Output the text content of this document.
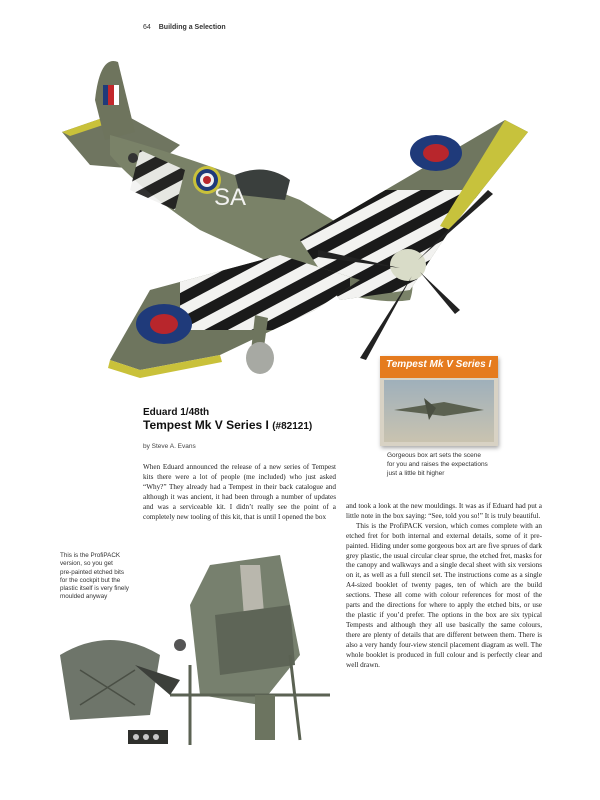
64 Building a Selection
SA
Tempest Mk V Series I
Gorgeous box art sets the scene
for you and raises the expectations
just a little bit higher
Eduard 1/48th
Tempest Mk V Series I (#82121)
by Steve A. Evans

When Eduard announced the release of a new series of Tempest kits there were a lot of people (me included) who just asked “Why?” They already had a Tempest in their back catalogue and although it was ancient, it had been through a number of updates and was a serviceable kit. I didn’t really see the point of a completely new tooling of this kit, that is until I opened the box

and took a look at the new mouldings. It was as if Eduard had put a little note in the box saying: “See, told you so!” It is truly beautiful.

This is the ProfiPACK version, which comes complete with an etched fret for both internal and external details, some of it pre-painted. Hiding under some gorgeous box art are five sprues of dark grey plastic, the usual circular clear sprue, the etched fret, masks for the canopy and walkways and a single decal sheet with six versions on it, as well as a full stencil set. The instructions come as a single A4-sized booklet of twenty pages, ten of which are the build sections. These all come with colour references for most of the parts and the directions for where to apply the etched bits, or use the plastic if you’d prefer. The options in the box are six typical Tempests and although they all use basically the same colours, there are plenty of details that are different between them. There is also a very handy four-view stencil placement diagram as well. The whole booklet is produced in full colour and is perfectly clear and well drawn.

This is the ProfiPACK
version, so you get
pre-painted etched bits
for the cockpit but the
plastic itself is very finely
moulded anyway
